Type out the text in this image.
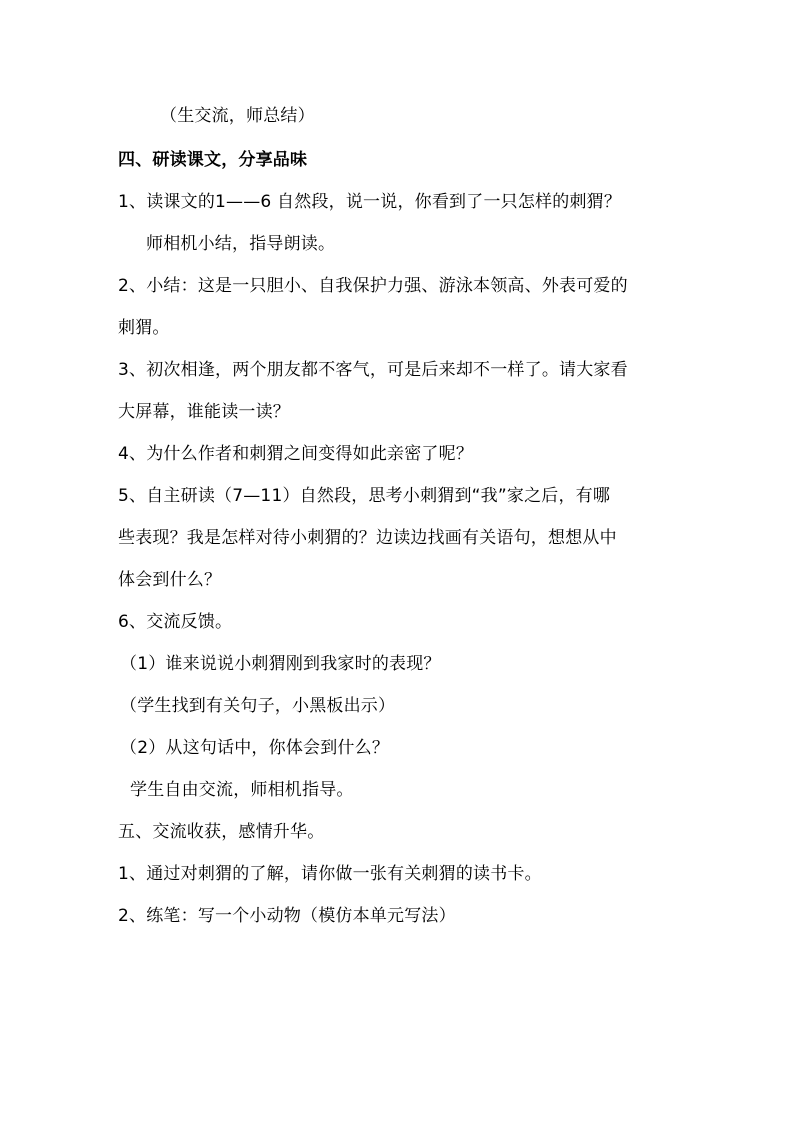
（生交流，师总结）
四、研读课文，分享品味
1、读课文的1——6 自然段，说一说，你看到了一只怎样的刺猬？
师相机小结，指导朗读。
2、小结：这是一只胆小、自我保护力强、游泳本领高、外表可爱的
刺猬。
3、初次相逢，两个朋友都不客气，可是后来却不一样了。请大家看
大屏幕，谁能读一读？
4、为什么作者和刺猬之间变得如此亲密了呢？
5、自主研读（7—11）自然段，思考小刺猬到“我”家之后，有哪
些表现？我是怎样对待小刺猬的？边读边找画有关语句，想想从中
体会到什么？
6、交流反馈。
（1）谁来说说小刺猬刚到我家时的表现？
（学生找到有关句子，小黑板出示）
（2）从这句话中，你体会到什么？
学生自由交流，师相机指导。
五、交流收获，感情升华。
1、通过对刺猬的了解，请你做一张有关刺猬的读书卡。
2、练笔：写一个小动物（模仿本单元写法）
